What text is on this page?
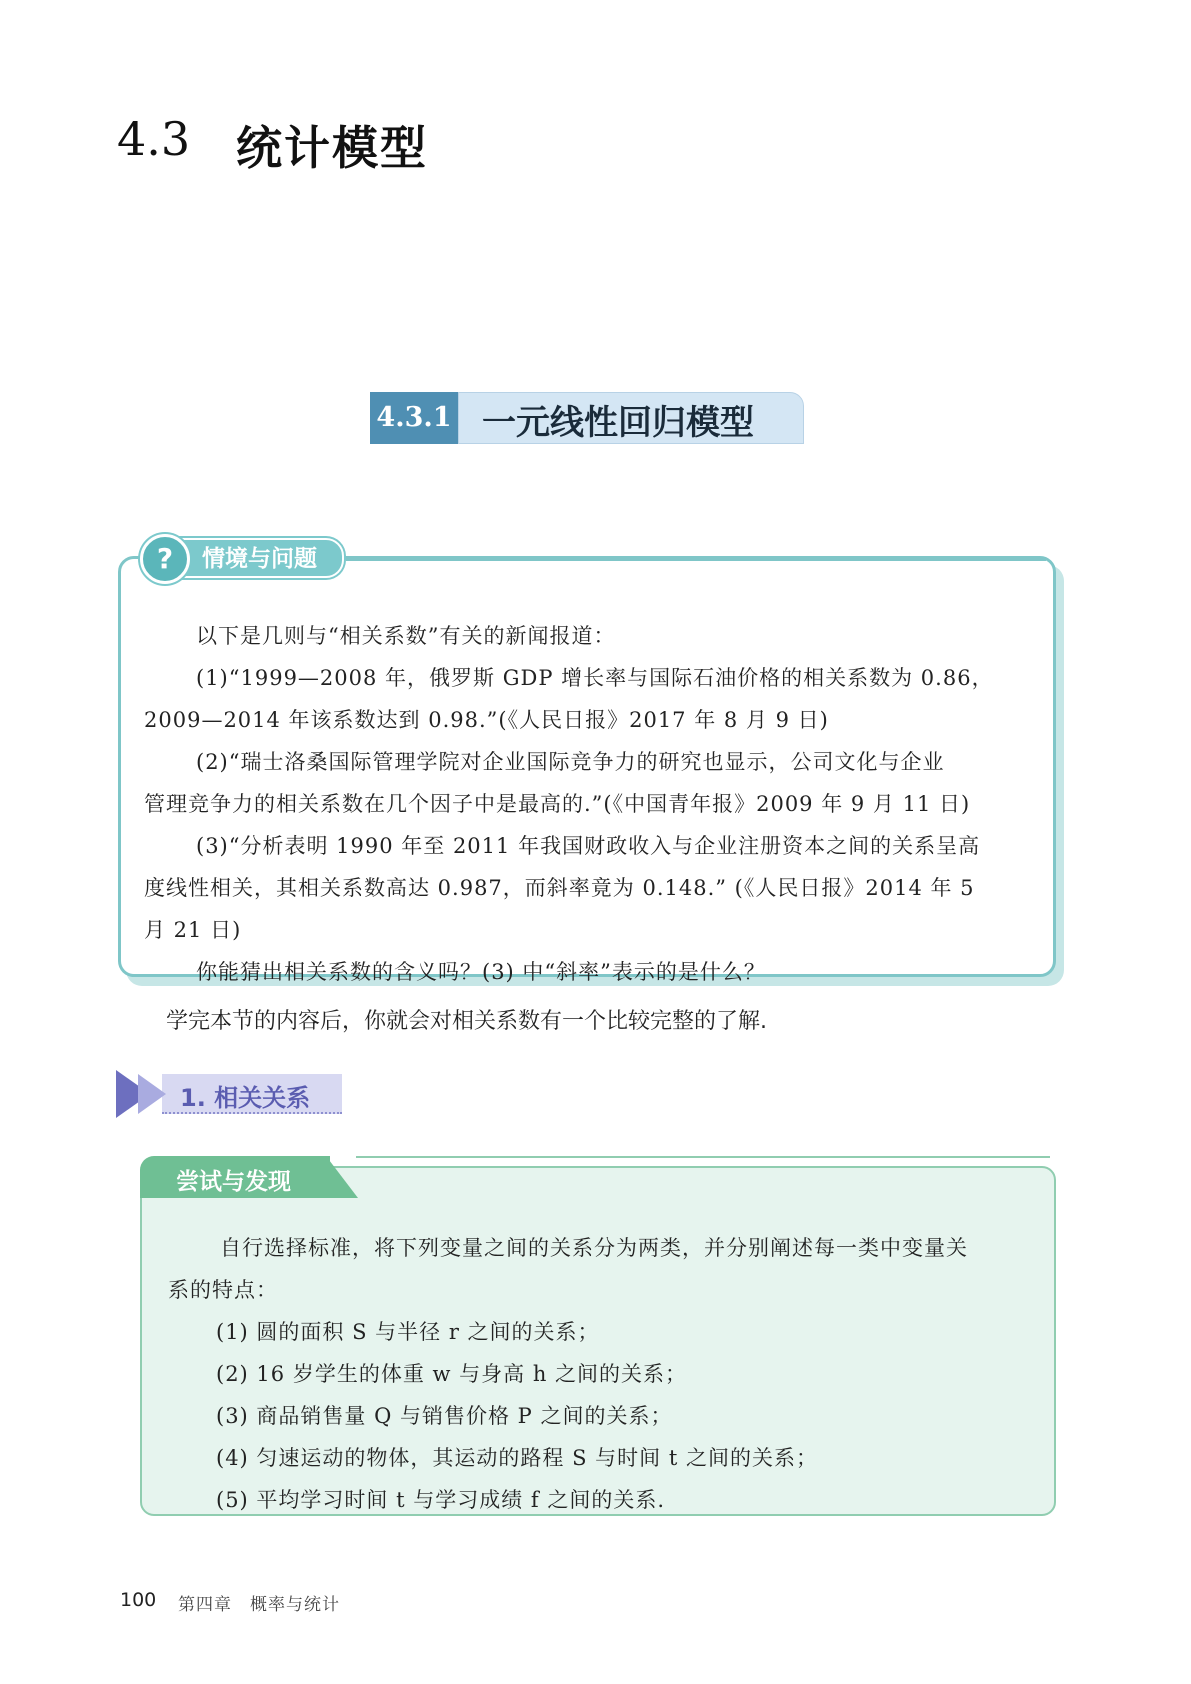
4.3 统计模型
4.3.1 一元线性回归模型
?	情境与问题
以下是几则与“相关系数”有关的新闻报道：
(1)“1999—2008 年，俄罗斯 GDP 增长率与国际石油价格的相关系数为 0.86，
2009—2014 年该系数达到 0.98.”(《人民日报》2017 年 8 月 9 日)
(2)“瑞士洛桑国际管理学院对企业国际竞争力的研究也显示，公司文化与企业
管理竞争力的相关系数在几个因子中是最高的.”(《中国青年报》2009 年 9 月 11 日)
(3)“分析表明 1990 年至 2011 年我国财政收入与企业注册资本之间的关系呈高
度线性相关，其相关系数高达 0.987，而斜率竟为 0.148.” (《人民日报》2014 年 5
月 21 日)
你能猜出相关系数的含义吗？(3) 中“斜率”表示的是什么？
学完本节的内容后，你就会对相关系数有一个比较完整的了解.
1. 相关关系
尝试与发现
自行选择标准，将下列变量之间的关系分为两类，并分别阐述每一类中变量关
系的特点：
(1) 圆的面积 S 与半径 r 之间的关系；
(2) 16 岁学生的体重 w 与身高 h 之间的关系；
(3) 商品销售量 Q 与销售价格 P 之间的关系；
(4) 匀速运动的物体，其运动的路程 S 与时间 t 之间的关系；
(5) 平均学习时间 t 与学习成绩 f 之间的关系.
100 第四章　概率与统计
